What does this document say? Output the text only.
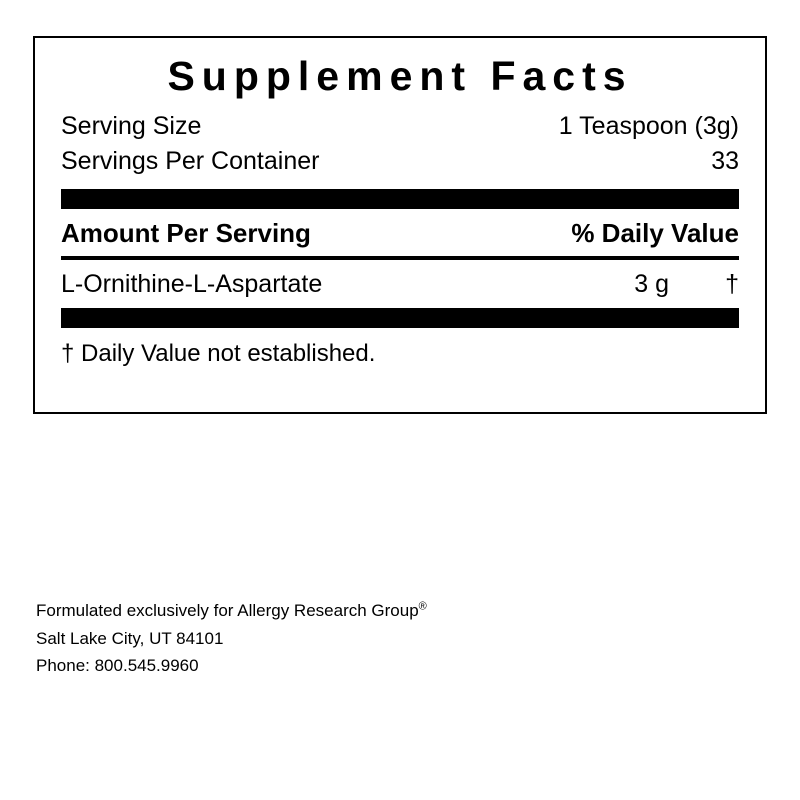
Supplement Facts
Serving Size	1 Teaspoon (3g)
Servings Per Container	33
Amount Per Serving	% Daily Value
L-Ornithine-L-Aspartate	3 g	†
† Daily Value not established.
Formulated exclusively for Allergy Research Group®
Salt Lake City, UT 84101
Phone: 800.545.9960
